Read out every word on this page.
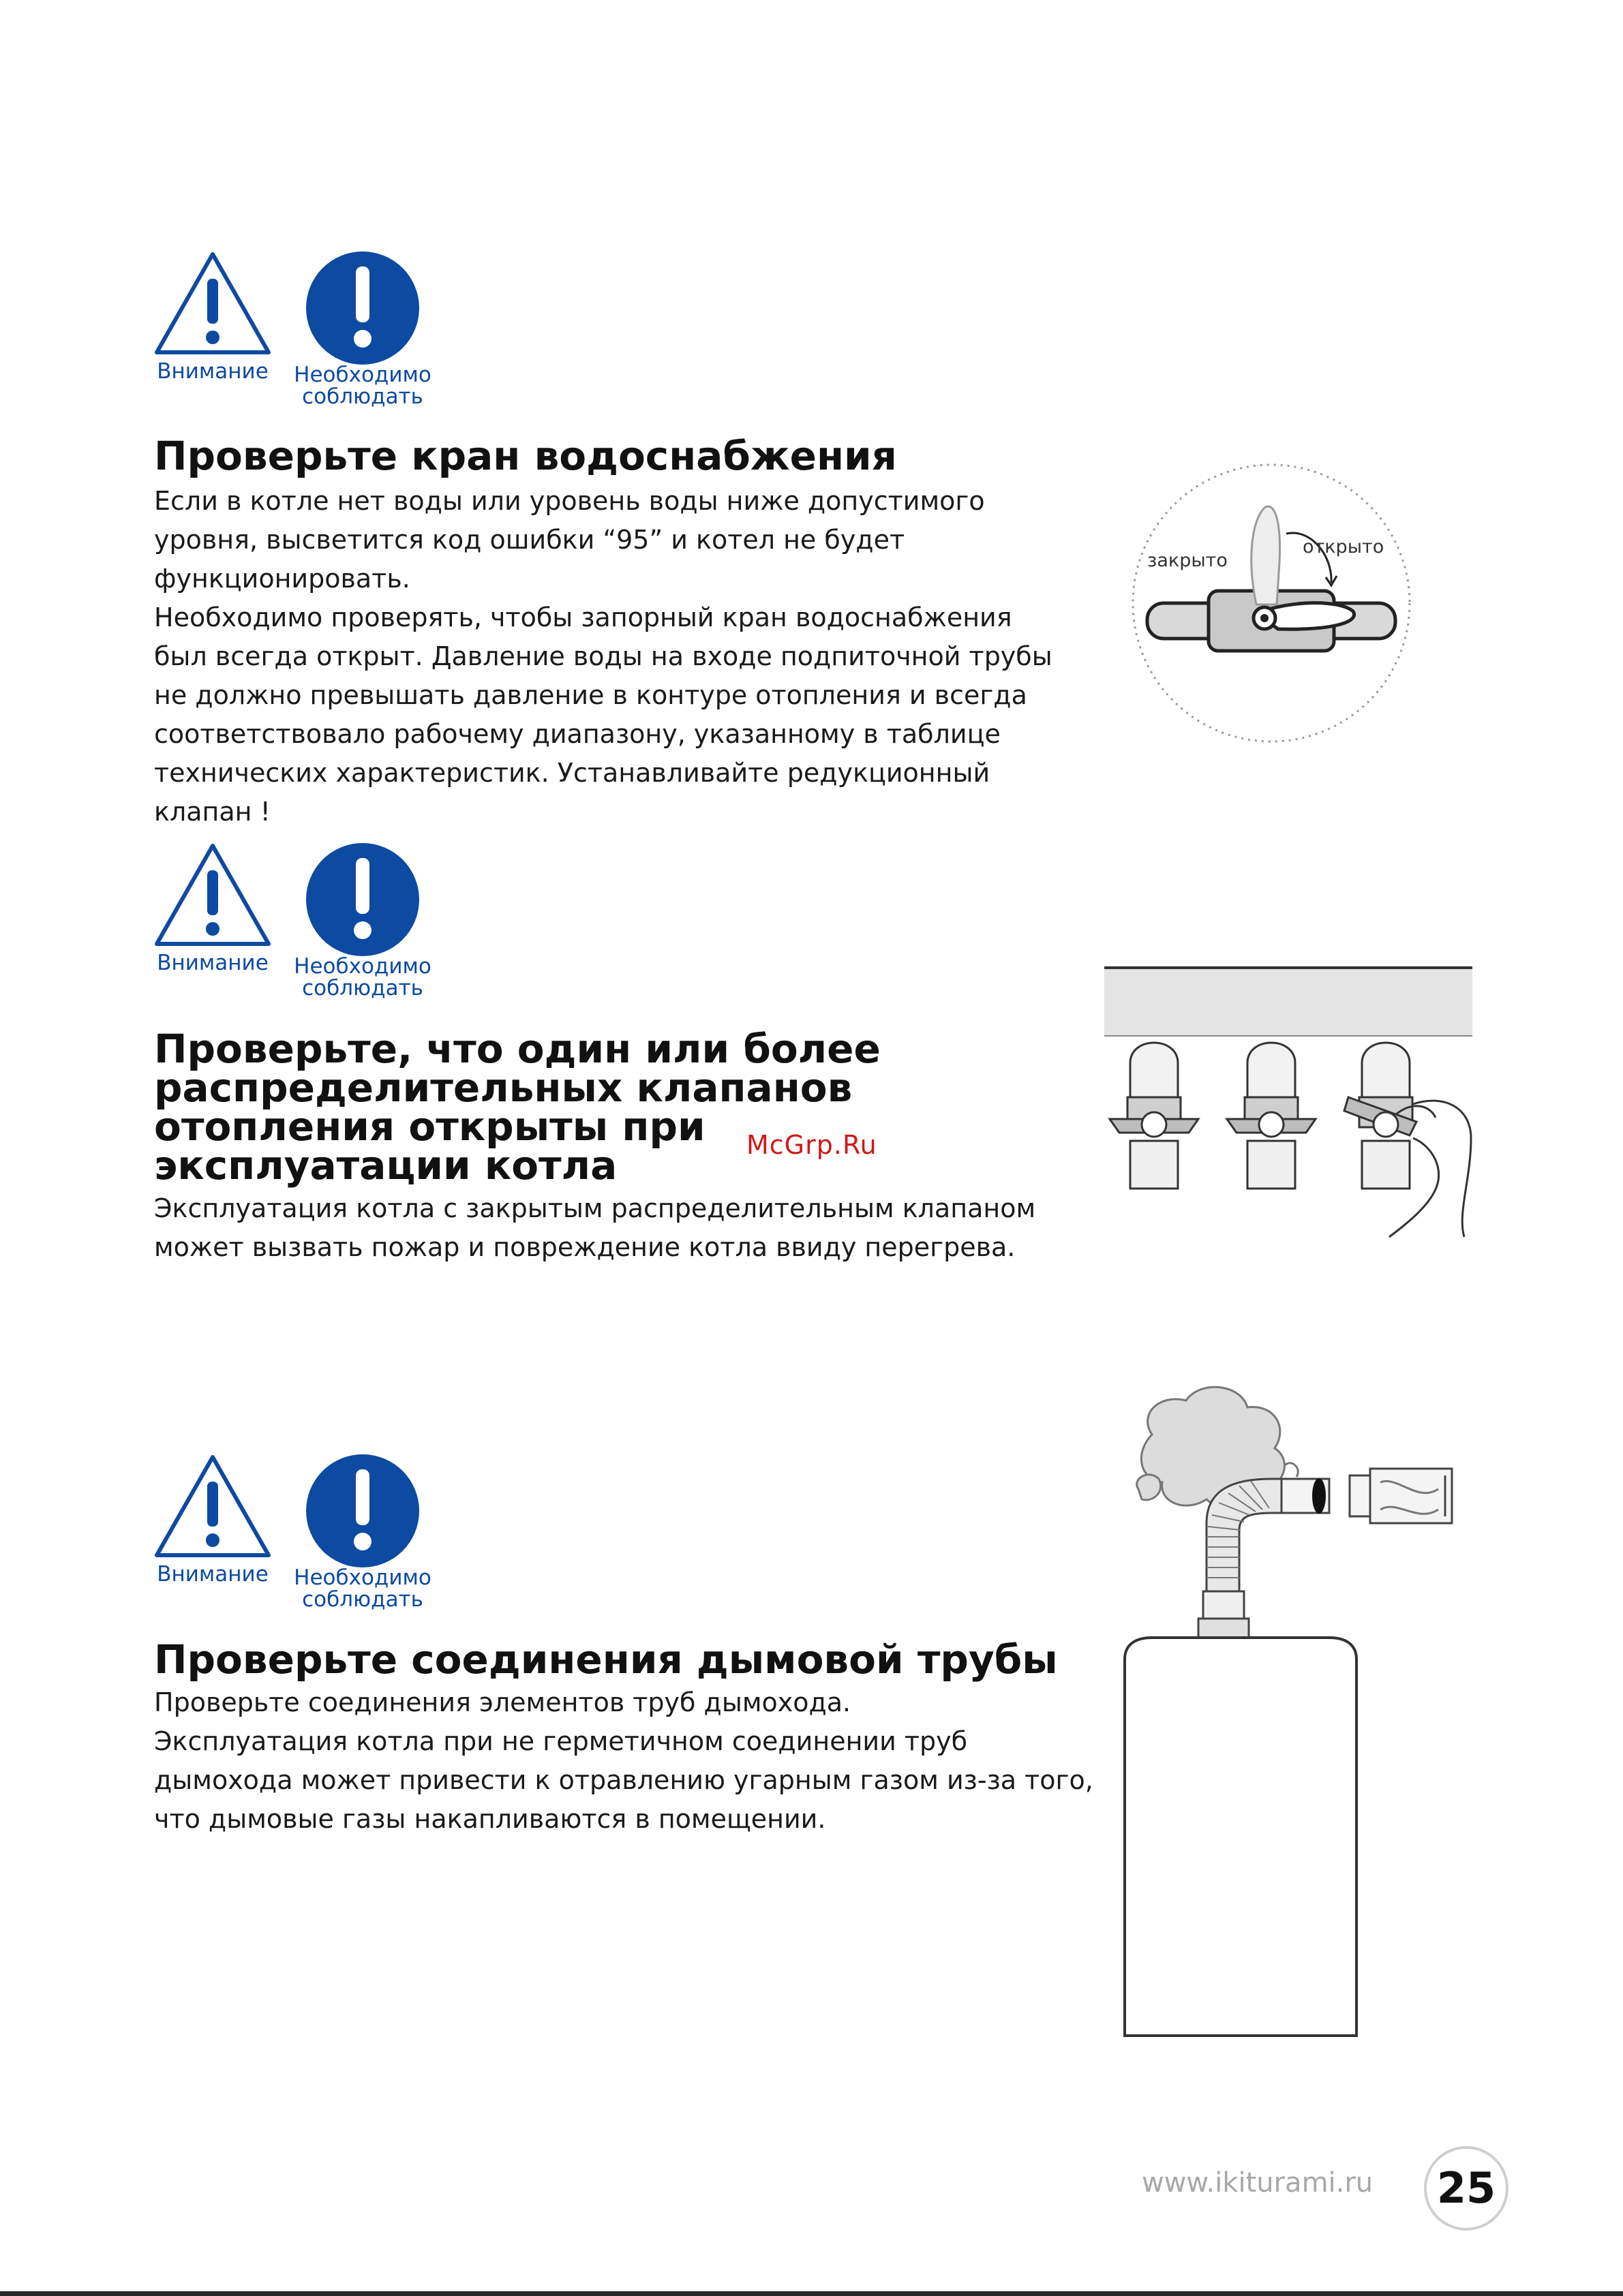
Внимание Необходимо
соблюдать
Проверьте кран водоснабжения

Если в котле нет воды или уровень воды ниже допустимого
уровня, высветится код ошибки “95” и котел не будет
функционировать.
Необходимо проверять, чтобы запорный кран водоснабжения
был всегда открыт. Давление воды на входе подпиточной трубы
не должно превышать давление в контуре отопления и всегда
соответствовало рабочему диапазону, указанному в таблице
технических характеристик. Устанавливайте редукционный
клапан !

закрыто
открыто
Внимание Необходимо
соблюдать
Проверьте, что один или более
распределительных клапанов
отопления открыты при
эксплуатации котла

Эксплуатация котла с закрытым распределительным клапаном
может вызвать пожар и повреждение котла ввиду перегрева.

McGrp.Ru
Внимание Необходимо
соблюдать
Проверьте соединения дымовой трубы

Проверьте соединения элементов труб дымохода.
Эксплуатация котла при не герметичном соединении труб
дымохода может привести к отравлению угарным газом из-за того,
что дымовые газы накапливаются в помещении.

www.ikiturami.ru	25
